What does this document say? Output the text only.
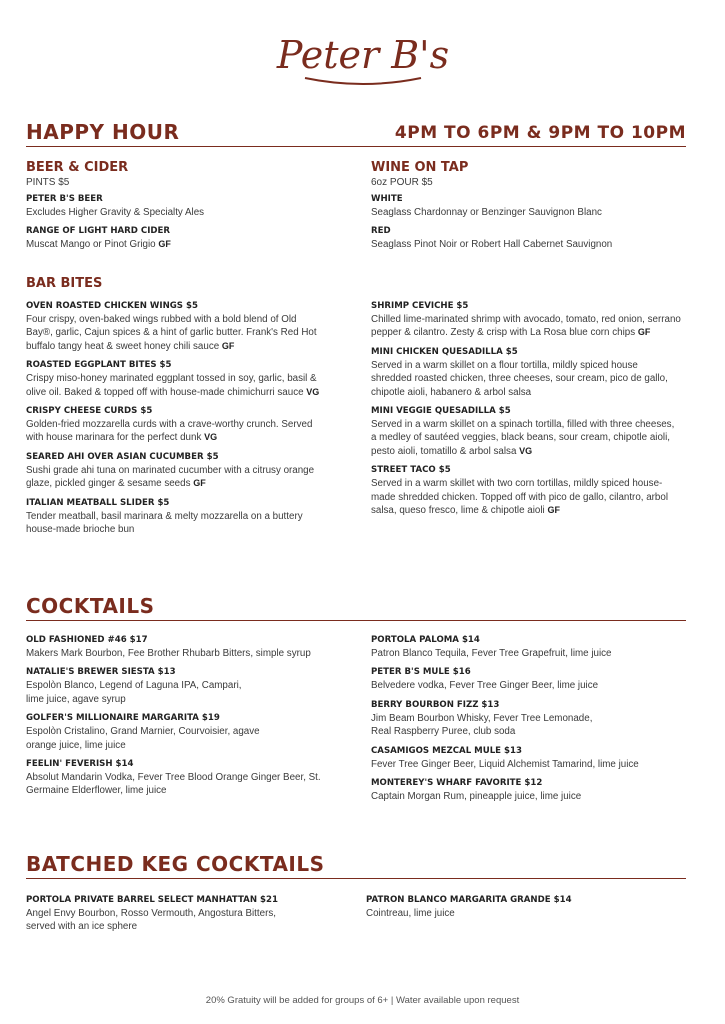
Peter B's
HAPPY HOUR	4PM TO 6PM & 9PM TO 10PM
BEER & CIDER
PINTS $5
PETER B'S BEER
Excludes Higher Gravity & Specialty Ales
RANGE OF LIGHT HARD CIDER
Muscat Mango or Pinot Grigio GF
WINE ON TAP
6oz POUR $5
WHITE
Seaglass Chardonnay or Benzinger Sauvignon Blanc
RED
Seaglass Pinot Noir or Robert Hall Cabernet Sauvignon
BAR BITES
OVEN ROASTED CHICKEN WINGS $5
Four crispy, oven-baked wings rubbed with a bold blend of Old Bay®, garlic, Cajun spices & a hint of garlic butter. Frank's Red Hot buffalo tangy heat & sweet honey chili sauce GF
ROASTED EGGPLANT BITES $5
Crispy miso-honey marinated eggplant tossed in soy, garlic, basil & olive oil. Baked & topped off with house-made chimichurri sauce VG
CRISPY CHEESE CURDS $5
Golden-fried mozzarella curds with a crave-worthy crunch. Served with house marinara for the perfect dunk VG
SEARED AHI OVER ASIAN CUCUMBER $5
Sushi grade ahi tuna on marinated cucumber with a citrusy orange glaze, pickled ginger & sesame seeds GF
ITALIAN MEATBALL SLIDER $5
Tender meatball, basil marinara & melty mozzarella on a buttery house-made brioche bun
SHRIMP CEVICHE $5
Chilled lime-marinated shrimp with avocado, tomato, red onion, serrano pepper & cilantro. Zesty & crisp with La Rosa blue corn chips GF
MINI CHICKEN QUESADILLA $5
Served in a warm skillet on a flour tortilla, mildly spiced house shredded roasted chicken, three cheeses, sour cream, pico de gallo, chipotle aioli, habanero & arbol salsa
MINI VEGGIE QUESADILLA $5
Served in a warm skillet on a spinach tortilla, filled with three cheeses, a medley of sautéed veggies, black beans, sour cream, chipotle aioli, pesto aioli, tomatillo & arbol salsa VG
STREET TACO $5
Served in a warm skillet with two corn tortillas, mildly spiced house-made shredded chicken. Topped off with pico de gallo, cilantro, arbol salsa, queso fresco, lime & chipotle aioli GF
COCKTAILS
OLD FASHIONED #46 $17
Makers Mark Bourbon, Fee Brother Rhubarb Bitters, simple syrup
NATALIE'S BREWER SIESTA $13
Espolòn Blanco, Legend of Laguna IPA, Campari, lime juice, agave syrup
GOLFER'S MILLIONAIRE MARGARITA $19
Espolòn Cristalino, Grand Marnier, Courvoisier, agave orange juice, lime juice
FEELIN' FEVERISH $14
Absolut Mandarin Vodka, Fever Tree Blood Orange Ginger Beer, St. Germaine Elderflower, lime juice
PORTOLA PALOMA $14
Patron Blanco Tequila, Fever Tree Grapefruit, lime juice
PETER B'S MULE $16
Belvedere vodka, Fever Tree Ginger Beer, lime juice
BERRY BOURBON FIZZ $13
Jim Beam Bourbon Whisky, Fever Tree Lemonade, Real Raspberry Puree, club soda
CASAMIGOS MEZCAL MULE $13
Fever Tree Ginger Beer, Liquid Alchemist Tamarind, lime juice
MONTEREY'S WHARF FAVORITE $12
Captain Morgan Rum, pineapple juice, lime juice
BATCHED KEG COCKTAILS
PORTOLA PRIVATE BARREL SELECT MANHATTAN $21
Angel Envy Bourbon, Rosso Vermouth, Angostura Bitters, served with an ice sphere
PATRON BLANCO MARGARITA GRANDE $14
Cointreau, lime juice
20% Gratuity will be added for groups of 6+ | Water available upon request
